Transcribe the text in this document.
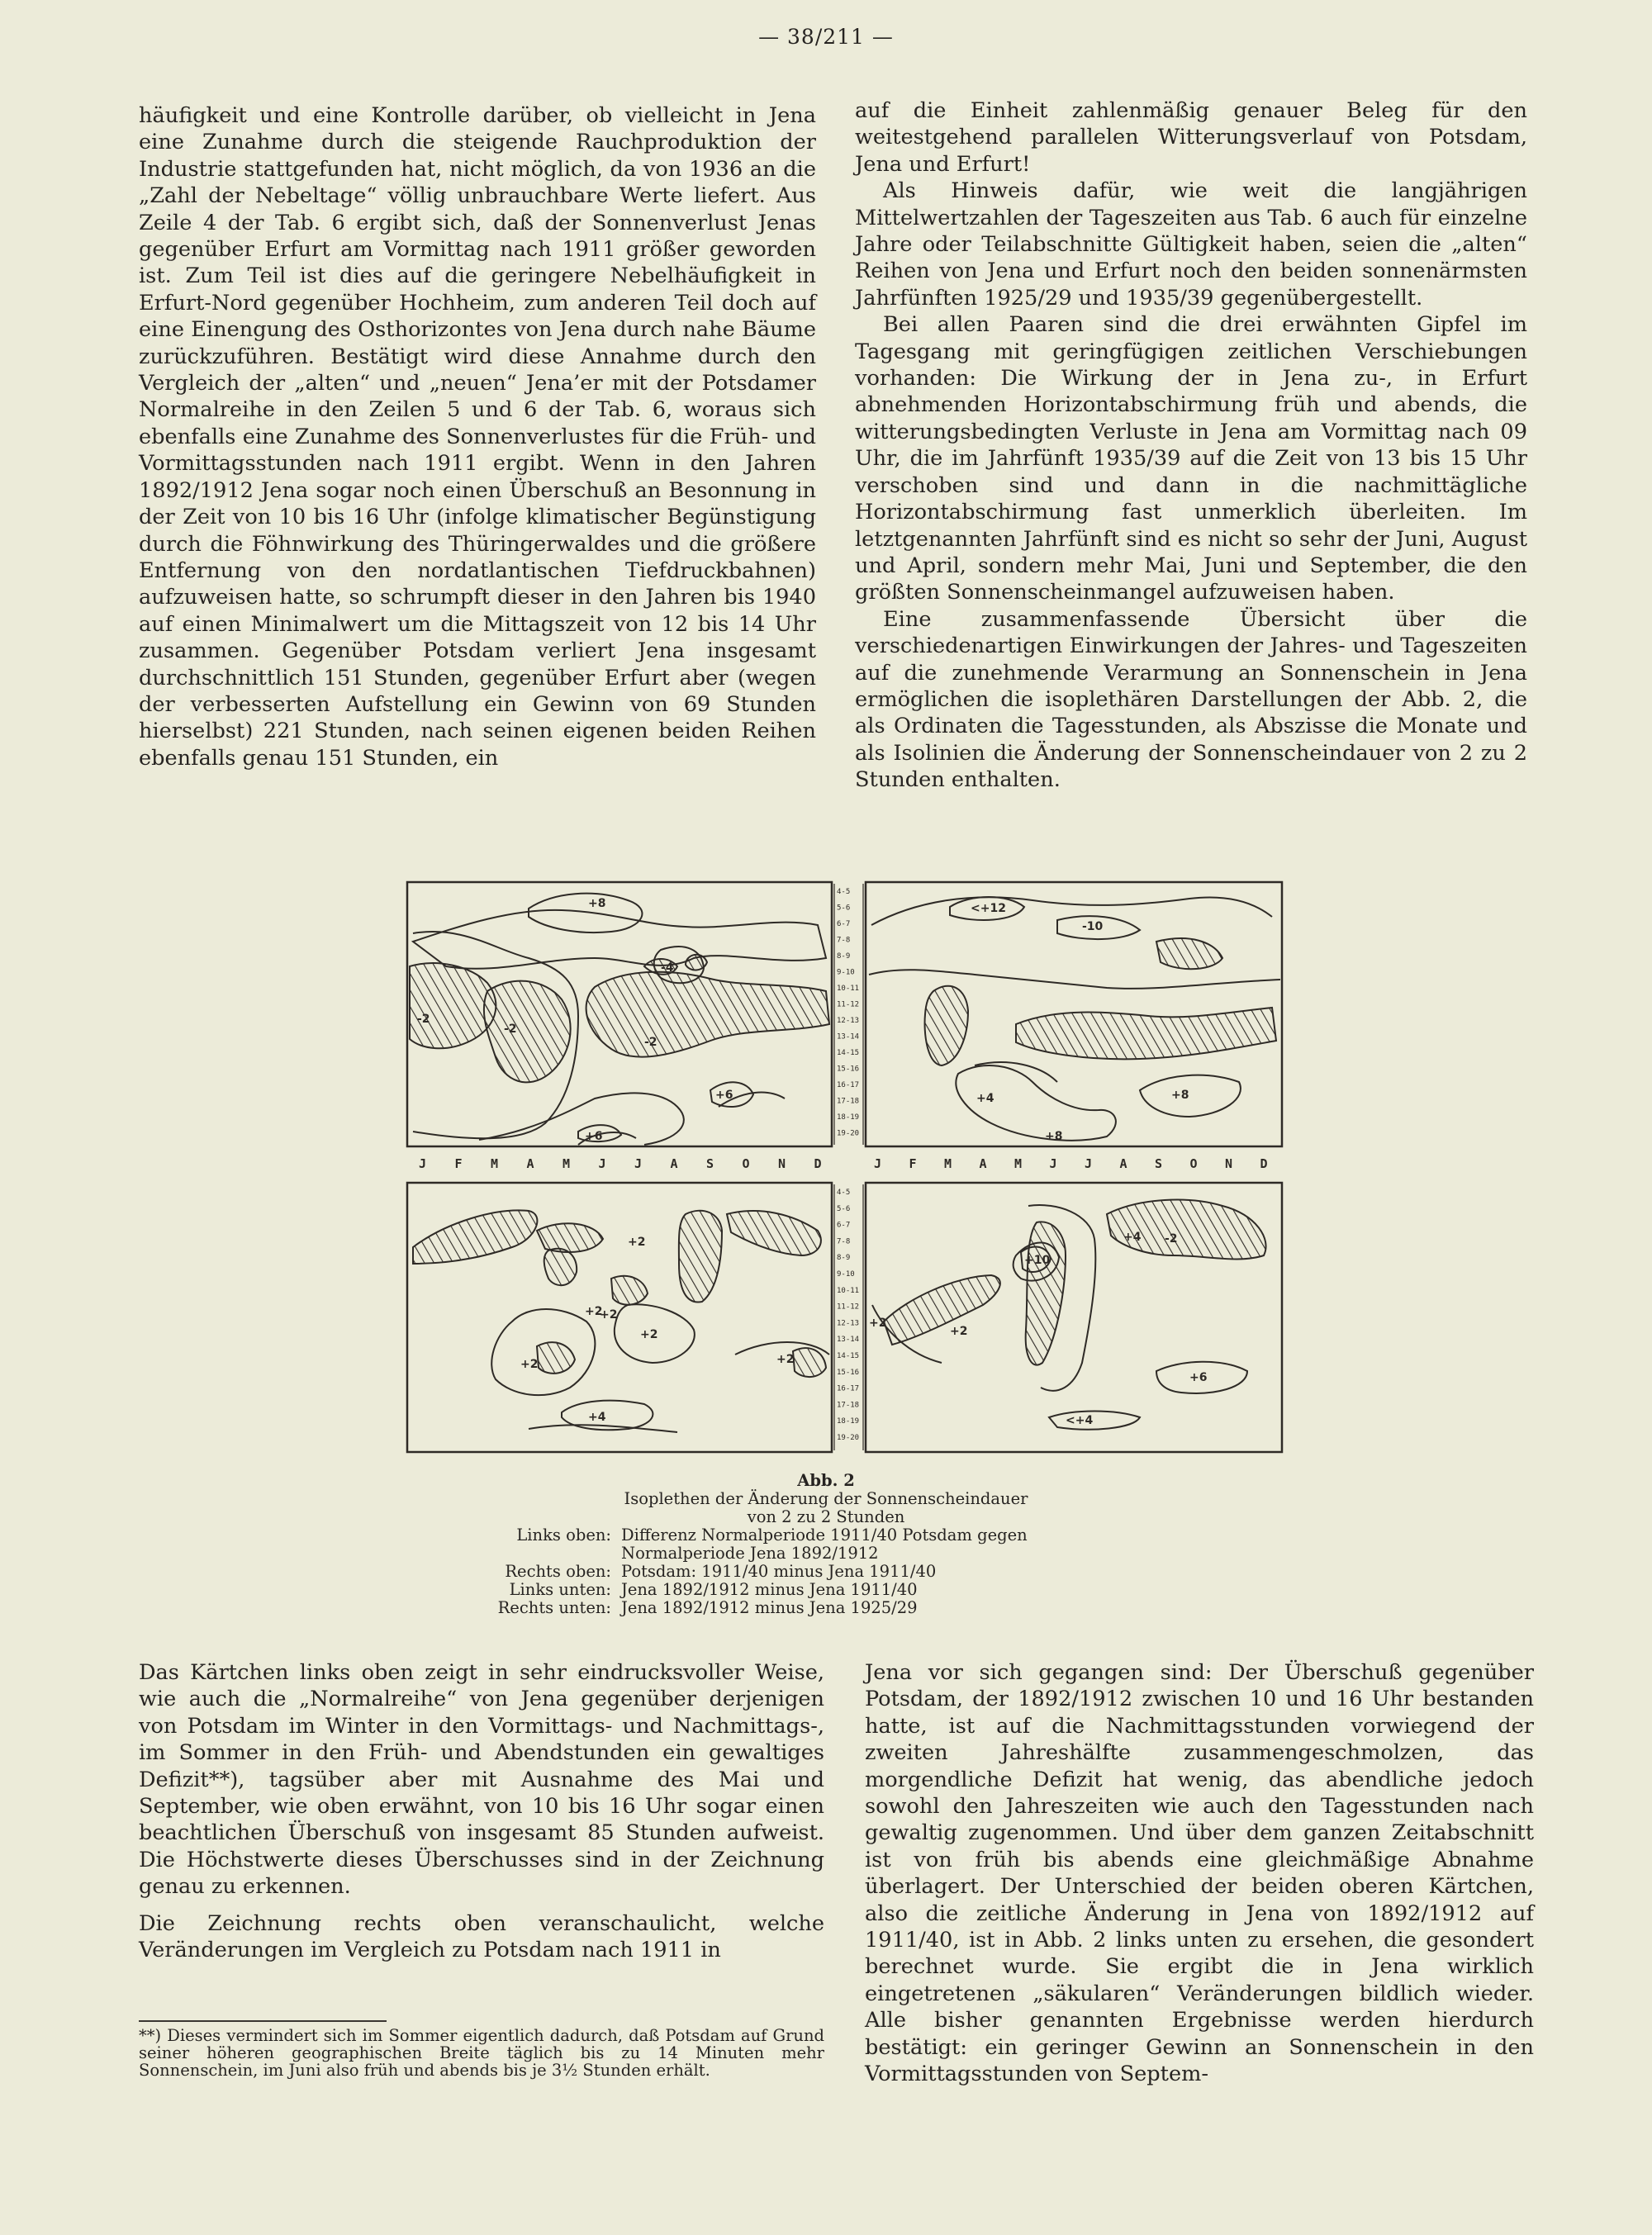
— 38/211 —

häufigkeit und eine Kontrolle darüber, ob vielleicht in Jena eine Zunahme durch die steigende Rauchproduktion der Industrie stattgefunden hat, nicht möglich, da von 1936 an die „Zahl der Nebeltage“ völlig unbrauchbare Werte liefert. Aus Zeile 4 der Tab. 6 ergibt sich, daß der Sonnenverlust Jenas gegenüber Erfurt am Vormittag nach 1911 größer geworden ist. Zum Teil ist dies auf die geringere Nebelhäufigkeit in Erfurt-Nord gegenüber Hochheim, zum anderen Teil doch auf eine Einengung des Osthorizontes von Jena durch nahe Bäume zurückzuführen. Bestätigt wird diese Annahme durch den Vergleich der „alten“ und „neuen“ Jena’er mit der Potsdamer Normalreihe in den Zeilen 5 und 6 der Tab. 6, woraus sich ebenfalls eine Zunahme des Sonnenverlustes für die Früh- und Vormittagsstunden nach 1911 ergibt. Wenn in den Jahren 1892/1912 Jena sogar noch einen Überschuß an Besonnung in der Zeit von 10 bis 16 Uhr (infolge klimatischer Begünstigung durch die Föhnwirkung des Thüringerwaldes und die größere Entfernung von den nordatlantischen Tiefdruckbahnen) aufzuweisen hatte, so schrumpft dieser in den Jahren bis 1940 auf einen Minimalwert um die Mittagszeit von 12 bis 14 Uhr zusammen. Gegenüber Potsdam verliert Jena insgesamt durchschnittlich 151 Stunden, gegenüber Erfurt aber (wegen der verbesserten Aufstellung ein Gewinn von 69 Stunden hierselbst) 221 Stunden, nach seinen eigenen beiden Reihen ebenfalls genau 151 Stunden, ein

auf die Einheit zahlenmäßig genauer Beleg für den weitestgehend parallelen Witterungsverlauf von Potsdam, Jena und Erfurt!

Als Hinweis dafür, wie weit die langjährigen Mittelwertzahlen der Tageszeiten aus Tab. 6 auch für einzelne Jahre oder Teilabschnitte Gültigkeit haben, seien die „alten“ Reihen von Jena und Erfurt noch den beiden sonnenärmsten Jahrfünften 1925/29 und 1935/39 gegenübergestellt.

Bei allen Paaren sind die drei erwähnten Gipfel im Tagesgang mit geringfügigen zeitlichen Verschiebungen vorhanden: Die Wirkung der in Jena zu-, in Erfurt abnehmenden Horizontabschirmung früh und abends, die witterungsbedingten Verluste in Jena am Vormittag nach 09 Uhr, die im Jahrfünft 1935/39 auf die Zeit von 13 bis 15 Uhr verschoben sind und dann in die nachmittägliche Horizontabschirmung fast unmerklich überleiten. Im letztgenannten Jahrfünft sind es nicht so sehr der Juni, August und April, sondern mehr Mai, Juni und September, die den größten Sonnenscheinmangel aufzuweisen haben.

Eine zusammenfassende Übersicht über die verschiedenartigen Einwirkungen der Jahres- und Tageszeiten auf die zunehmende Verarmung an Sonnenschein in Jena ermöglichen die isoplethären Darstellungen der Abb. 2, die als Ordinaten die Tagesstunden, als Abszisse die Monate und als Isolinien die Änderung der Sonnenscheindauer von 2 zu 2 Stunden enthalten.

4-5
5-6
6-7
7-8
8-9
9-10
10-11
11-12
12-13
13-14
14-15
15-16
16-17
17-18
18-19
19-20
4-5
5-6
6-7
7-8
8-9
9-10
10-11
11-12
12-13
13-14
14-15
15-16
16-17
17-18
18-19
19-20
J F M A M J J A S O N D	J F M A M J J A S O N D
+8
-4
-2
-2
-2
+6
+6
<+12
-10
+4	+8
+8
+2
+2
+2
+2
+2
+2
+4
+10
+4 -2
+2
+2
+6
<+4
Abb. 2
Isoplethen der Änderung der Sonnenscheindauer
von 2 zu 2 Stunden
Links oben: Differenz Normalperiode 1911/40 Potsdam gegen
Normalperiode Jena 1892/1912
Rechts oben: Potsdam: 1911/40 minus Jena 1911/40
Links unten: Jena 1892/1912 minus Jena 1911/40
Rechts unten: Jena 1892/1912 minus Jena 1925/29

Das Kärtchen links oben zeigt in sehr eindrucksvoller Weise, wie auch die „Normalreihe“ von Jena gegenüber derjenigen von Potsdam im Winter in den Vormittags- und Nachmittags-, im Sommer in den Früh- und Abendstunden ein gewaltiges Defizit**), tagsüber aber mit Ausnahme des Mai und September, wie oben erwähnt, von 10 bis 16 Uhr sogar einen beachtlichen Überschuß von insgesamt 85 Stunden aufweist. Die Höchstwerte dieses Überschusses sind in der Zeichnung genau zu erkennen.

Die Zeichnung rechts oben veranschaulicht, welche Veränderungen im Vergleich zu Potsdam nach 1911 in

**) Dieses vermindert sich im Sommer eigentlich dadurch, daß Potsdam auf Grund seiner höheren geographischen Breite täglich bis zu 14 Minuten mehr Sonnenschein, im Juni also früh und abends bis je 3½ Stunden erhält.

Jena vor sich gegangen sind: Der Überschuß gegenüber Potsdam, der 1892/1912 zwischen 10 und 16 Uhr bestanden hatte, ist auf die Nachmittagsstunden vorwiegend der zweiten Jahreshälfte zusammengeschmolzen, das morgendliche Defizit hat wenig, das abendliche jedoch sowohl den Jahreszeiten wie auch den Tagesstunden nach gewaltig zugenommen. Und über dem ganzen Zeitabschnitt ist von früh bis abends eine gleichmäßige Abnahme überlagert. Der Unterschied der beiden oberen Kärtchen, also die zeitliche Änderung in Jena von 1892/1912 auf 1911/40, ist in Abb. 2 links unten zu ersehen, die gesondert berechnet wurde. Sie ergibt die in Jena wirklich eingetretenen „säkularen“ Veränderungen bildlich wieder. Alle bisher genannten Ergebnisse werden hierdurch bestätigt: ein geringer Gewinn an Sonnenschein in den Vormittagsstunden von Septem-
